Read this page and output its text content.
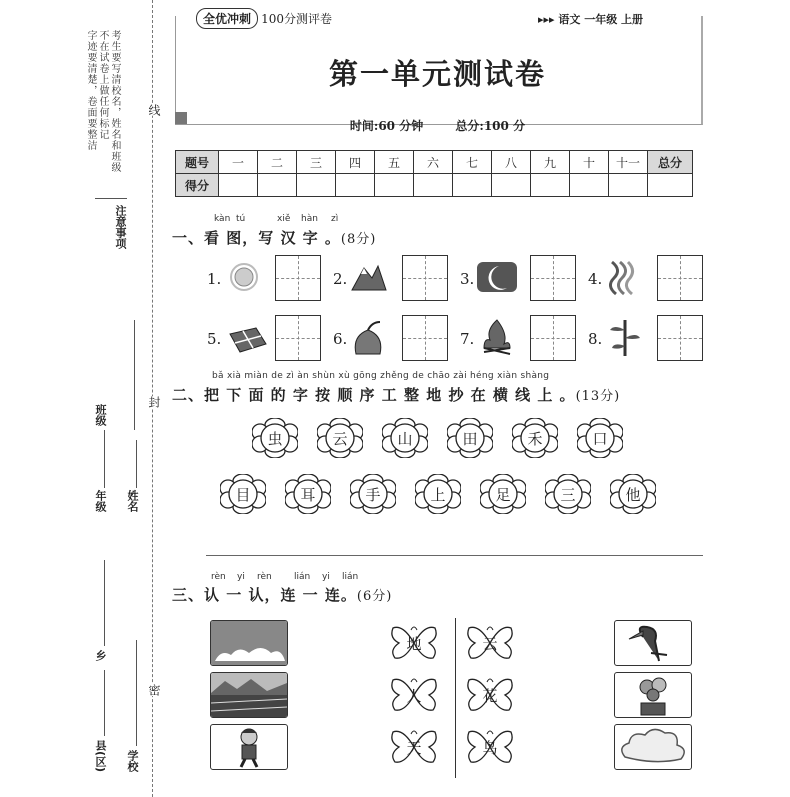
考生要写清校名，姓名和班级
不在试卷上做任何标记
字迹要清楚，卷面要整洁
注意事项
班级
年级 姓名
乡
县(区) 学校
线
封
密
全优冲刺 100分测评卷	▸▸▸ 语文 一年级 上册
第一单元测试卷
时间:60 分钟	总分:100 分
题号	一	二	三	四	五	六	七	八	九	十	十一	总分
得分												
kàn tú	xiě hàn zì
一、看 图，写 汉 字 。(8分)
1.	2.	3.	4.
5.	6.	7.	8.
bǎ xià miàn de zì àn shùn xù gōng zhěng de chāo zài héng xiàn shàng
二、把 下 面 的 字 按 顺 序 工 整 地 抄 在 横 线 上 。(13分)
虫	云	山	田	禾	口
目	耳	手	上	足	三	他
rèn yi rèn lián yi lián
三、认 一 认，连 一 连。(6分)
地
人
天
云
花
鸟
